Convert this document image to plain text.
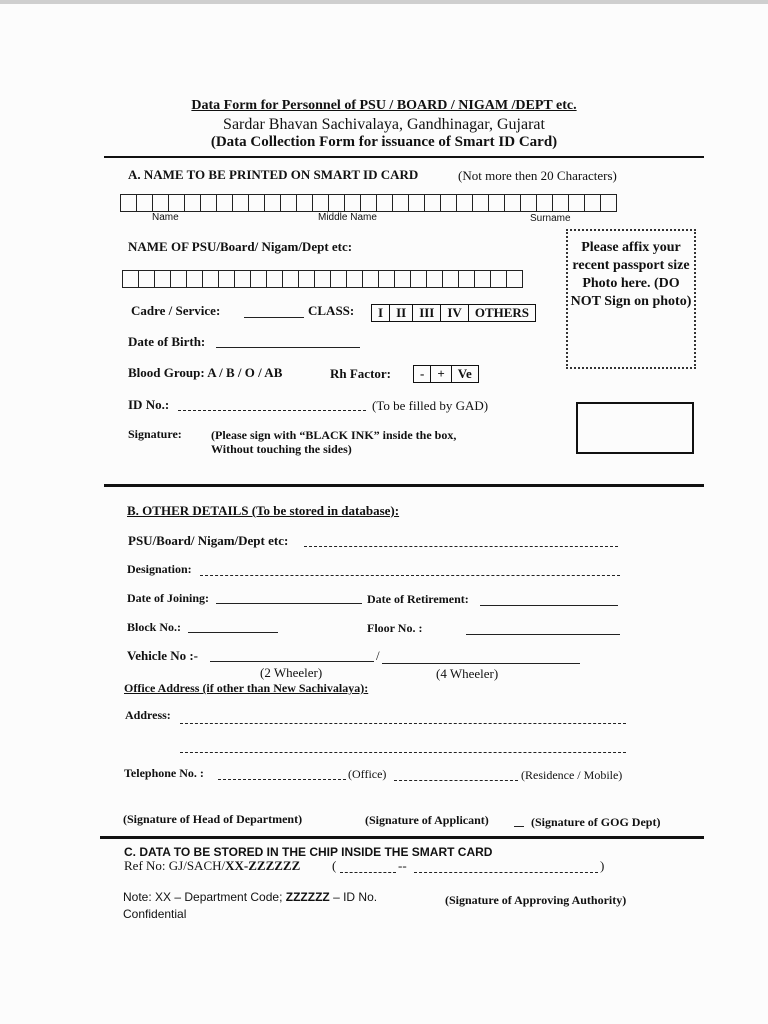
Data Form for Personnel of PSU / BOARD / NIGAM /DEPT etc.
Sardar Bhavan Sachivalaya, Gandhinagar, Gujarat
(Data Collection Form for issuance of Smart ID Card)
A. NAME TO BE PRINTED ON SMART ID CARD	(Not more then 20 Characters)
Name	Middle Name	Surname
NAME OF PSU/Board/ Nigam/Dept etc:
Cadre / Service:	CLASS:	I	II	III	IV	OTHERS
Date of Birth:
Blood Group: A / B / O / AB	Rh Factor:	-	+	Ve
ID No.:	(To be filled by GAD)
Signature: (Please sign with “BLACK INK” inside the box,
Without touching the sides)
Please affix your recent passport size Photo here. (DO NOT Sign on photo)
B. OTHER DETAILS (To be stored in database):
PSU/Board/ Nigam/Dept etc:
Designation:
Date of Joining:	Date of Retirement:
Block No.:	Floor No. :
Vehicle No :-	/
(2 Wheeler)	(4 Wheeler)
Office Address (if other than New Sachivalaya):
Address:
Telephone No. :	(Office)	(Residence / Mobile)
(Signature of Head of Department)	(Signature of Applicant)	(Signature of GOG Dept)
C. DATA TO BE STORED IN THE CHIP INSIDE THE SMART CARD
Ref No: GJ/SACH/XX-ZZZZZZ (	--	)
Note: XX – Department Code; ZZZZZZ – ID No.
Confidential
(Signature of Approving Authority)
